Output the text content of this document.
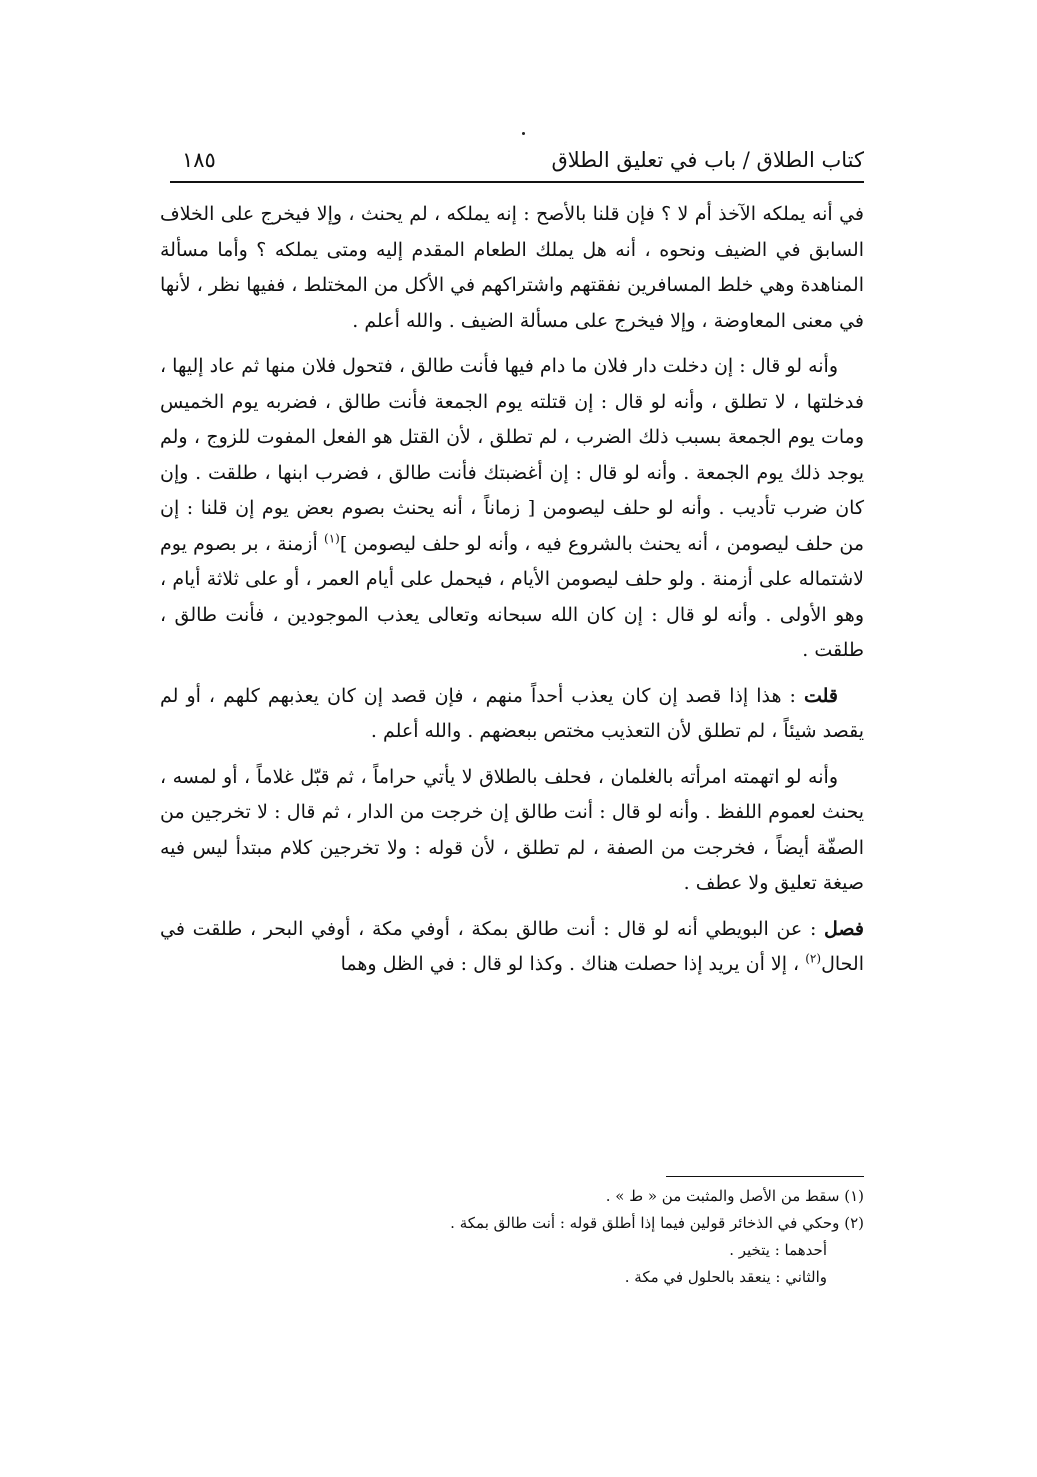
كتاب الطلاق / باب في تعليق الطلاق
١٨٥

في أنه يملكه الآخذ أم لا ؟ فإن قلنا بالأصح : إنه يملكه ، لم يحنث ، وإلا فيخرج على الخلاف السابق في الضيف ونحوه ، أنه هل يملك الطعام المقدم إليه ومتى يملكه ؟ وأما مسألة المناهدة وهي خلط المسافرين نفقتهم واشتراكهم في الأكل من المختلط ، ففيها نظر ، لأنها في معنى المعاوضة ، وإلا فيخرج على مسألة الضيف . والله أعلم .

وأنه لو قال : إن دخلت دار فلان ما دام فيها فأنت طالق ، فتحول فلان منها ثم عاد إليها ، فدخلتها ، لا تطلق ، وأنه لو قال : إن قتلته يوم الجمعة فأنت طالق ، فضربه يوم الخميس ومات يوم الجمعة بسبب ذلك الضرب ، لم تطلق ، لأن القتل هو الفعل المفوت للزوج ، ولم يوجد ذلك يوم الجمعة . وأنه لو قال : إن أغضبتك فأنت طالق ، فضرب ابنها ، طلقت . وإن كان ضرب تأديب . وأنه لو حلف ليصومن [ زماناً ، أنه يحنث بصوم بعض يوم إن قلنا : إن من حلف ليصومن ، أنه يحنث بالشروع فيه ، وأنه لو حلف ليصومن ]$^{(١)}$ أزمنة ، بر بصوم يوم لاشتماله على أزمنة . ولو حلف ليصومن الأيام ، فيحمل على أيام العمر ، أو على ثلاثة أيام ، وهو الأولى . وأنه لو قال : إن كان الله سبحانه وتعالى يعذب الموجودين ، فأنت طالق ، طلقت .

قلت : هذا إذا قصد إن كان يعذب أحداً منهم ، فإن قصد إن كان يعذبهم كلهم ، أو لم يقصد شيئاً ، لم تطلق لأن التعذيب مختص ببعضهم . والله أعلم .

وأنه لو اتهمته امرأته بالغلمان ، فحلف بالطلاق لا يأتي حراماً ، ثم قبّل غلاماً ، أو لمسه ، يحنث لعموم اللفظ . وأنه لو قال : أنت طالق إن خرجت من الدار ، ثم قال : لا تخرجين من الصفّة أيضاً ، فخرجت من الصفة ، لم تطلق ، لأن قوله : ولا تخرجين كلام مبتدأ ليس فيه صيغة تعليق ولا عطف .

فصل : عن البويطي أنه لو قال : أنت طالق بمكة ، أوفي مكة ، أوفي البحر ، طلقت في الحال$^{(٢)}$ ، إلا أن يريد إذا حصلت هناك . وكذا لو قال : في الظل وهما

(١) سقط من الأصل والمثبت من « ط » .
(٢) وحكي في الذخائر قولين فيما إذا أطلق قوله : أنت طالق بمكة .
أحدهما : يتخير .
والثاني : ينعقد بالحلول في مكة .
